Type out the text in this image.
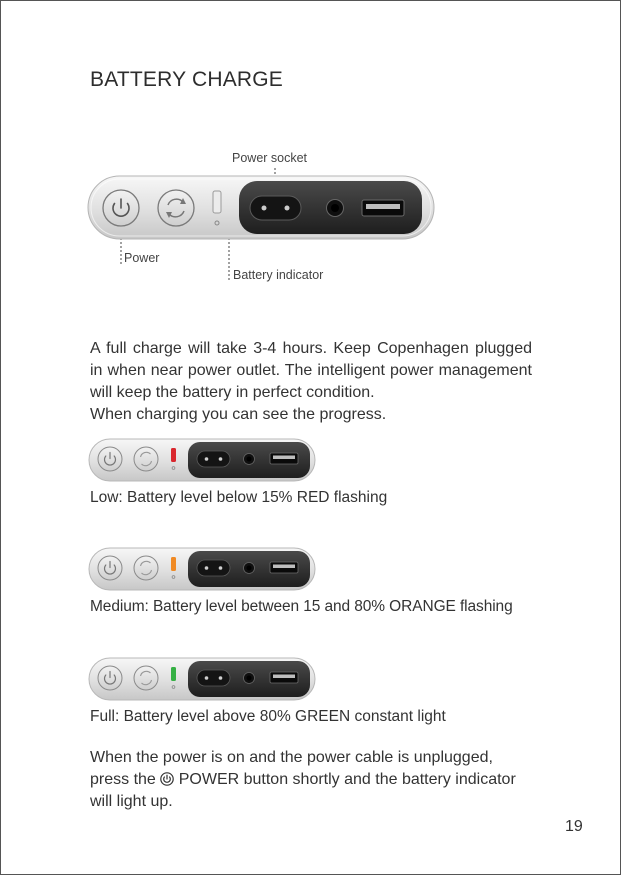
BATTERY CHARGE
Power socket
Power
Battery indicator

A full charge will take 3-4 hours. Keep Copenhagen plugged in when near power outlet. The intelligent power management will keep the battery in perfect condition.

When charging you can see the progress.

Low: Battery level below 15% RED flashing
Medium: Battery level between 15 and 80% ORANGE flashing
Full: Battery level above 80% GREEN constant light

When the power is on and the power cable is unplugged,

press the POWER button shortly and the battery indicator

will light up.

19
